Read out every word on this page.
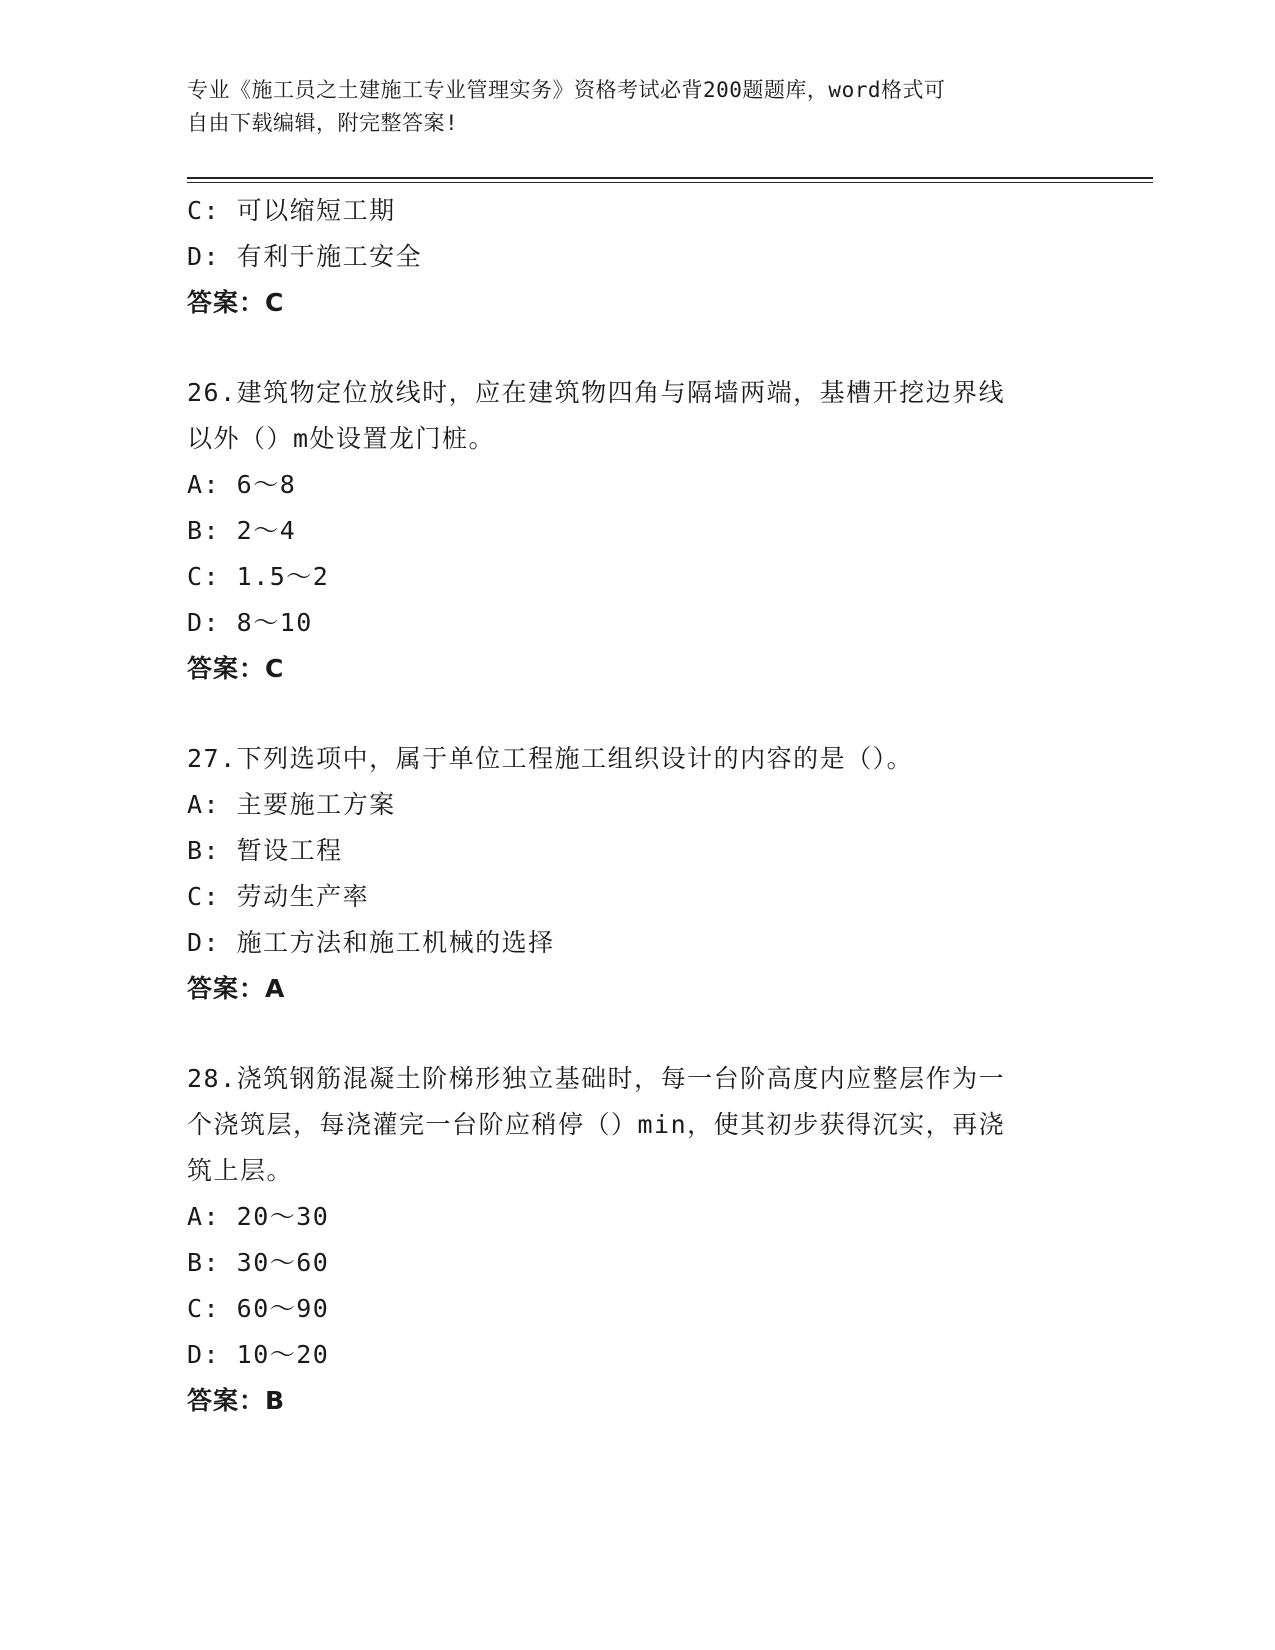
专业《施工员之土建施工专业管理实务》资格考试必背200题题库，word格式可
自由下载编辑，附完整答案!
C: 可以缩短工期
D: 有利于施工安全
答案：C
26.建筑物定位放线时，应在建筑物四角与隔墙两端，基槽开挖边界线
以外（）m处设置龙门桩。
A: 6～8
B: 2～4
C: 1.5～2
D: 8～10
答案：C
27.下列选项中，属于单位工程施工组织设计的内容的是（）。
A: 主要施工方案
B: 暂设工程
C: 劳动生产率
D: 施工方法和施工机械的选择
答案：A
28.浇筑钢筋混凝土阶梯形独立基础时，每一台阶高度内应整层作为一
个浇筑层，每浇灌完一台阶应稍停（）min，使其初步获得沉实，再浇
筑上层。
A: 20～30
B: 30～60
C: 60～90
D: 10～20
答案：B
